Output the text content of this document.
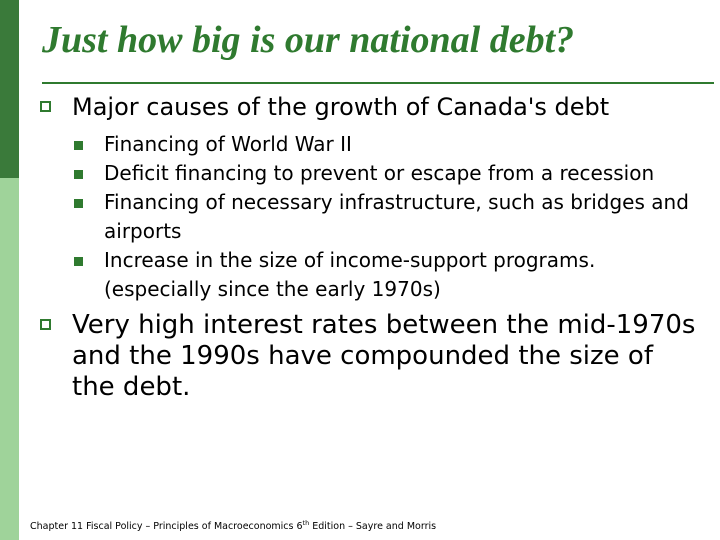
Just how big is our national debt?
Major causes of the growth of Canada's debt
Financing of World War II
Deficit financing to prevent or escape from a recession
Financing of necessary infrastructure, such as bridges and airports
Increase in the size of income-support programs. (especially since the early 1970s)
Very high interest rates between the mid-1970s and the 1990s have compounded the size of the debt.
Chapter 11 Fiscal Policy – Principles of Macroeconomics 6th Edition – Sayre and Morris
